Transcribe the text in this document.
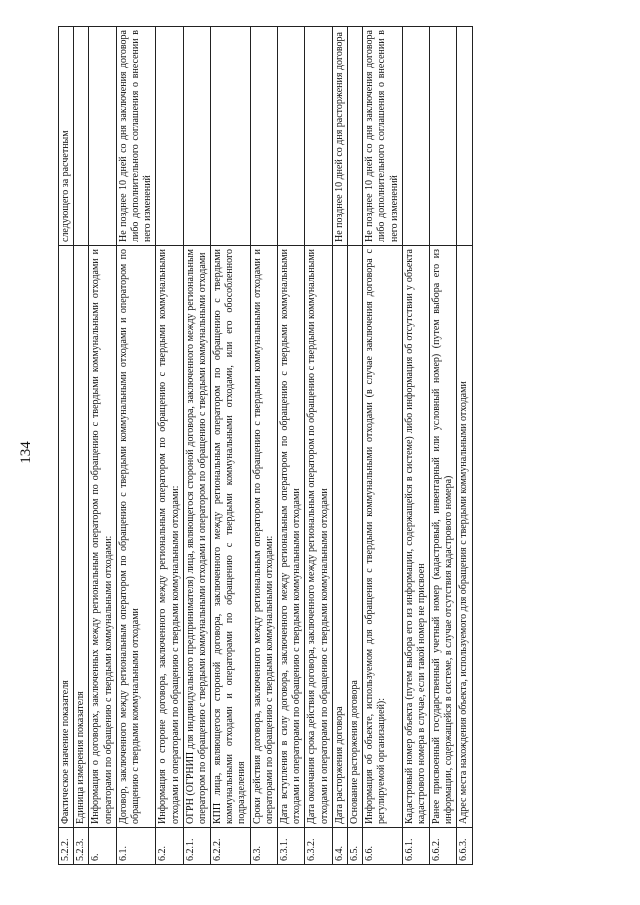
134
5.2.2.	Фактическое значение показателя	следующего за расчетным
5.2.3.	Единица измерения показателя	
6.	Информация о договорах, заключенных между региональным оператором по обращению с твердыми коммунальными отходами и операторами по обращению с твердыми коммунальными отходами:	
6.1.	Договор, заключенного между региональным оператором по обращению с твердыми коммунальными отходами и оператором по обращению с твердыми коммунальными отходами	Не позднее 10 дней со дня заключения договора либо дополнительного соглашения о внесении в него изменений
6.2.	Информация о стороне договора, заключенного между региональным оператором по обращению с твердыми коммунальными отходами и операторами по обращению с твердыми коммунальными отходами:	
6.2.1.	ОГРН (ОГРНИП для индивидуального предпринимателя) лица, являющегося стороной договора, заключенного между региональным оператором по обращению с твердыми коммунальными отходами и оператором по обращению с твердыми коммунальными отходами	
6.2.2.	КПП лица, являющегося стороной договора, заключенного между региональным оператором по обращению с твердыми коммунальными отходами и операторами по обращению с твердыми коммунальными отходами, или его обособленного подразделения	
6.3.	Сроки действия договора, заключенного между региональным оператором по обращению с твердыми коммунальными отходами и операторами по обращению с твердыми коммунальными отходами:	
6.3.1.	Дата вступления в силу договора, заключенного между региональным оператором по обращению с твердыми коммунальными отходами и операторами по обращению с твердыми коммунальными отходами	
6.3.2.	Дата окончания срока действия договора, заключенного между региональным оператором по обращению с твердыми коммунальными отходами и операторами по обращению с твердыми коммунальными отходами	
6.4.	Дата расторжения договора	Не позднее 10 дней со дня расторжения договора
6.5.	Основание расторжения договора	
6.6.	Информация об объекте, используемом для обращения с твердыми коммунальными отходами (в случае заключения договора с регулируемой организацией):	Не позднее 10 дней со дня заключения договора либо дополнительного соглашения о внесении в него изменений
6.6.1.	Кадастровый номер объекта (путем выбора его из информации, содержащейся в системе) либо информация об отсутствии у объекта кадастрового номера в случае, если такой номер не присвоен	
6.6.2.	Ранее присвоенный государственный учетный номер (кадастровый, инвентарный или условный номер) (путем выбора его из информации, содержащейся в системе, в случае отсутствия кадастрового номера)	
6.6.3.	Адрес места нахождения объекта, используемого для обращения с твердыми коммунальными отходами	
